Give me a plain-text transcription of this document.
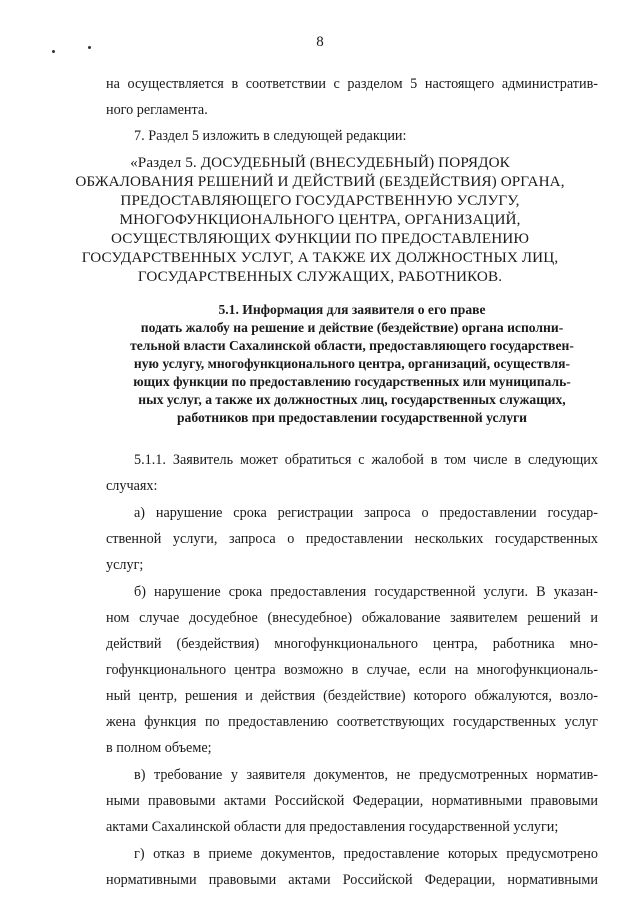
8
на осуществляется в соответствии с разделом 5 настоящего административ-
ного регламента.
7. Раздел 5 изложить в следующей редакции:
«Раздел 5. ДОСУДЕБНЫЙ (ВНЕСУДЕБНЫЙ) ПОРЯДОК
ОБЖАЛОВАНИЯ РЕШЕНИЙ И ДЕЙСТВИЙ (БЕЗДЕЙСТВИЯ) ОРГАНА,
ПРЕДОСТАВЛЯЮЩЕГО ГОСУДАРСТВЕННУЮ УСЛУГУ,
МНОГОФУНКЦИОНАЛЬНОГО ЦЕНТРА, ОРГАНИЗАЦИЙ,
ОСУЩЕСТВЛЯЮЩИХ ФУНКЦИИ ПО ПРЕДОСТАВЛЕНИЮ
ГОСУДАРСТВЕННЫХ УСЛУГ, А ТАКЖЕ ИХ ДОЛЖНОСТНЫХ ЛИЦ,
ГОСУДАРСТВЕННЫХ СЛУЖАЩИХ, РАБОТНИКОВ.
5.1. Информация для заявителя о его праве
подать жалобу на решение и действие (бездействие) органа исполни-
тельной власти Сахалинской области, предоставляющего государствен-
ную услугу, многофункционального центра, организаций, осуществля-
ющих функции по предоставлению государственных или муниципаль-
ных услуг, а также их должностных лиц, государственных служащих,
работников при предоставлении государственной услуги
5.1.1. Заявитель может обратиться с жалобой в том числе в следующих
случаях:
а) нарушение срока регистрации запроса о предоставлении государ-
ственной услуги, запроса о предоставлении нескольких государственных
услуг;
б) нарушение срока предоставления государственной услуги. В указан-
ном случае досудебное (внесудебное) обжалование заявителем решений и
действий (бездействия) многофункционального центра, работника мно-
гофункционального центра возможно в случае, если на многофункциональ-
ный центр, решения и действия (бездействие) которого обжалуются, возло-
жена функция по предоставлению соответствующих государственных услуг
в полном объеме;
в) требование у заявителя документов, не предусмотренных норматив-
ными правовыми актами Российской Федерации, нормативными правовыми
актами Сахалинской области для предоставления государственной услуги;
г) отказ в приеме документов, предоставление которых предусмотрено
нормативными правовыми актами Российской Федерации, нормативными
